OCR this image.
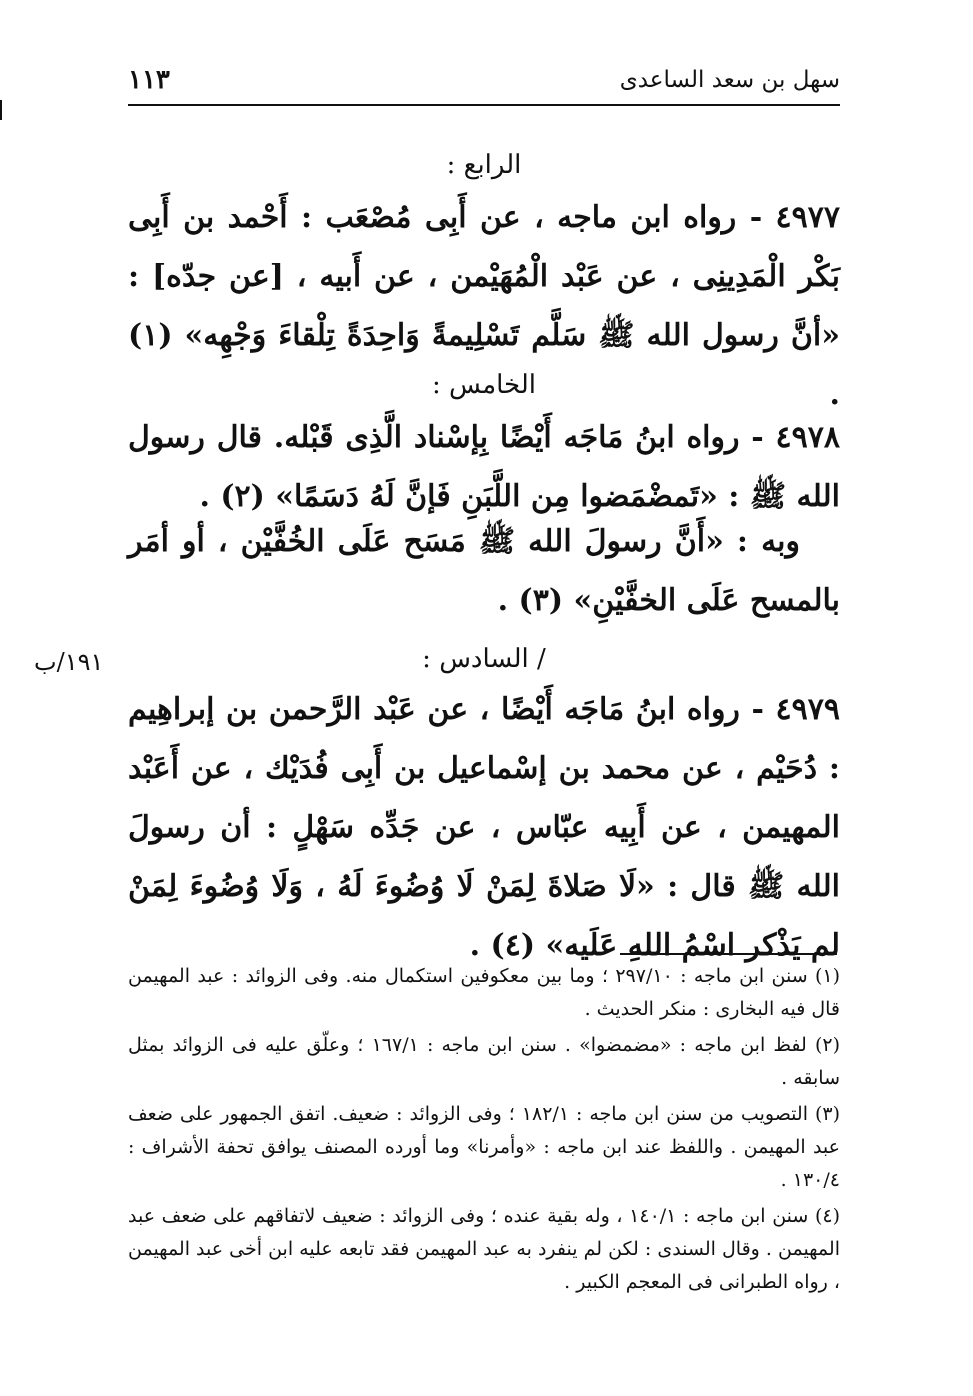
سهل بن سعد الساعدى
١١٣
الرابع :
٤٩٧٧ - رواه ابن ماجه ، عن أَبِى مُصْعَب : أَحْمد بن أَبِى بَكْر الْمَدِينِى ، عن عَبْد الْمُهَيْمن ، عن أَبيه ، [عن جدّه] : «أنَّ رسول الله ﷺ سَلَّم تَسْلِيمةً وَاحِدَةً تِلْقاءَ وَجْهِه» (١) .
الخامس :
٤٩٧٨ - رواه ابنُ مَاجَه أَيْضًا بِإسْناد الَّذِى قَبْله. قال رسول الله ﷺ : «تَمضْمَضوا مِن اللَّبَنِ فَإنَّ لَهُ دَسَمًا» (٢) .
وبه : «أَنَّ رسولَ الله ﷺ مَسَح عَلَى الخُفَّيْن ، أو أمَر بالمسح عَلَى الخفَّيْنِ» (٣) .
١٩١/ب	/ السادس :
٤٩٧٩ - رواه ابنُ مَاجَه أَيْضًا ، عن عَبْد الرَّحمن بن إبراهِيم : دُحَيْم ، عن محمد بن إسْماعيل بن أَبِى فُدَيْك ، عن أَعَبْد المهيمن ، عن أَبِيه عبّاس ، عن جَدِّه سَهْلٍ : أن رسولَ الله ﷺ قال : «لَا صَلاةَ لِمَنْ لَا وُضُوءَ لَهُ ، وَلَا وُضُوءَ لِمَنْ لم يَذْكر اسْمُ اللهِ عَلَيه» (٤) .
(١) سنن ابن ماجه : ٢٩٧/١٠ ؛ وما بين معكوفين استكمال منه. وفى الزوائد : عبد المهيمن قال فيه البخارى : منكر الحديث .
(٢) لفظ ابن ماجه : «مضمضوا» . سنن ابن ماجه : ١٦٧/١ ؛ وعلّق عليه فى الزوائد بمثل سابقه .
(٣) التصويب من سنن ابن ماجه : ١٨٢/١ ؛ وفى الزوائد : ضعيف. اتفق الجمهور على ضعف عبد المهيمن . واللفظ عند ابن ماجه : «وأمرنا» وما أورده المصنف يوافق تحفة الأشراف : ١٣٠/٤ .
(٤) سنن ابن ماجه : ١٤٠/١ ، وله بقية عنده ؛ وفى الزوائد : ضعيف لاتفاقهم على ضعف عبد المهيمن . وقال السندى : لكن لم ينفرد به عبد المهيمن فقد تابعه عليه ابن أخى عبد المهيمن ، رواه الطبرانى فى المعجم الكبير .
